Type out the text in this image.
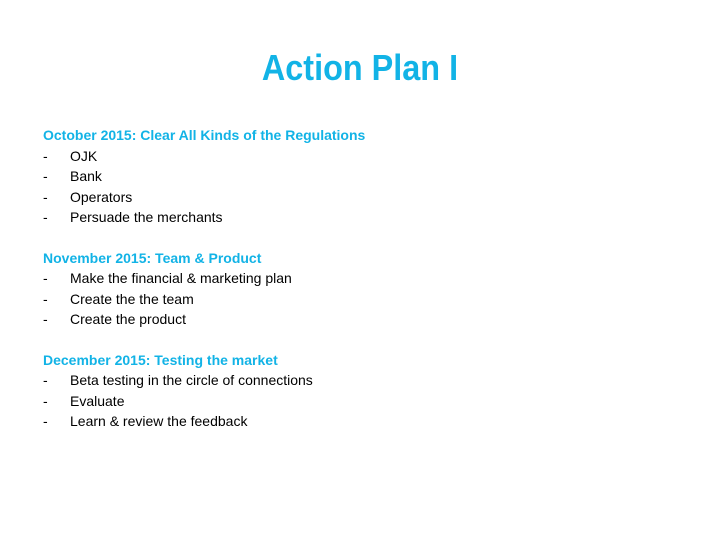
Action Plan I
October 2015: Clear All Kinds of the Regulations
-	OJK
-	Bank
-	Operators
-	Persuade the merchants
November 2015: Team & Product
-	Make the financial & marketing plan
-	Create the the team
-	Create the product
December 2015: Testing the market
-	Beta testing in the circle of connections
-	Evaluate
-	Learn & review the feedback
